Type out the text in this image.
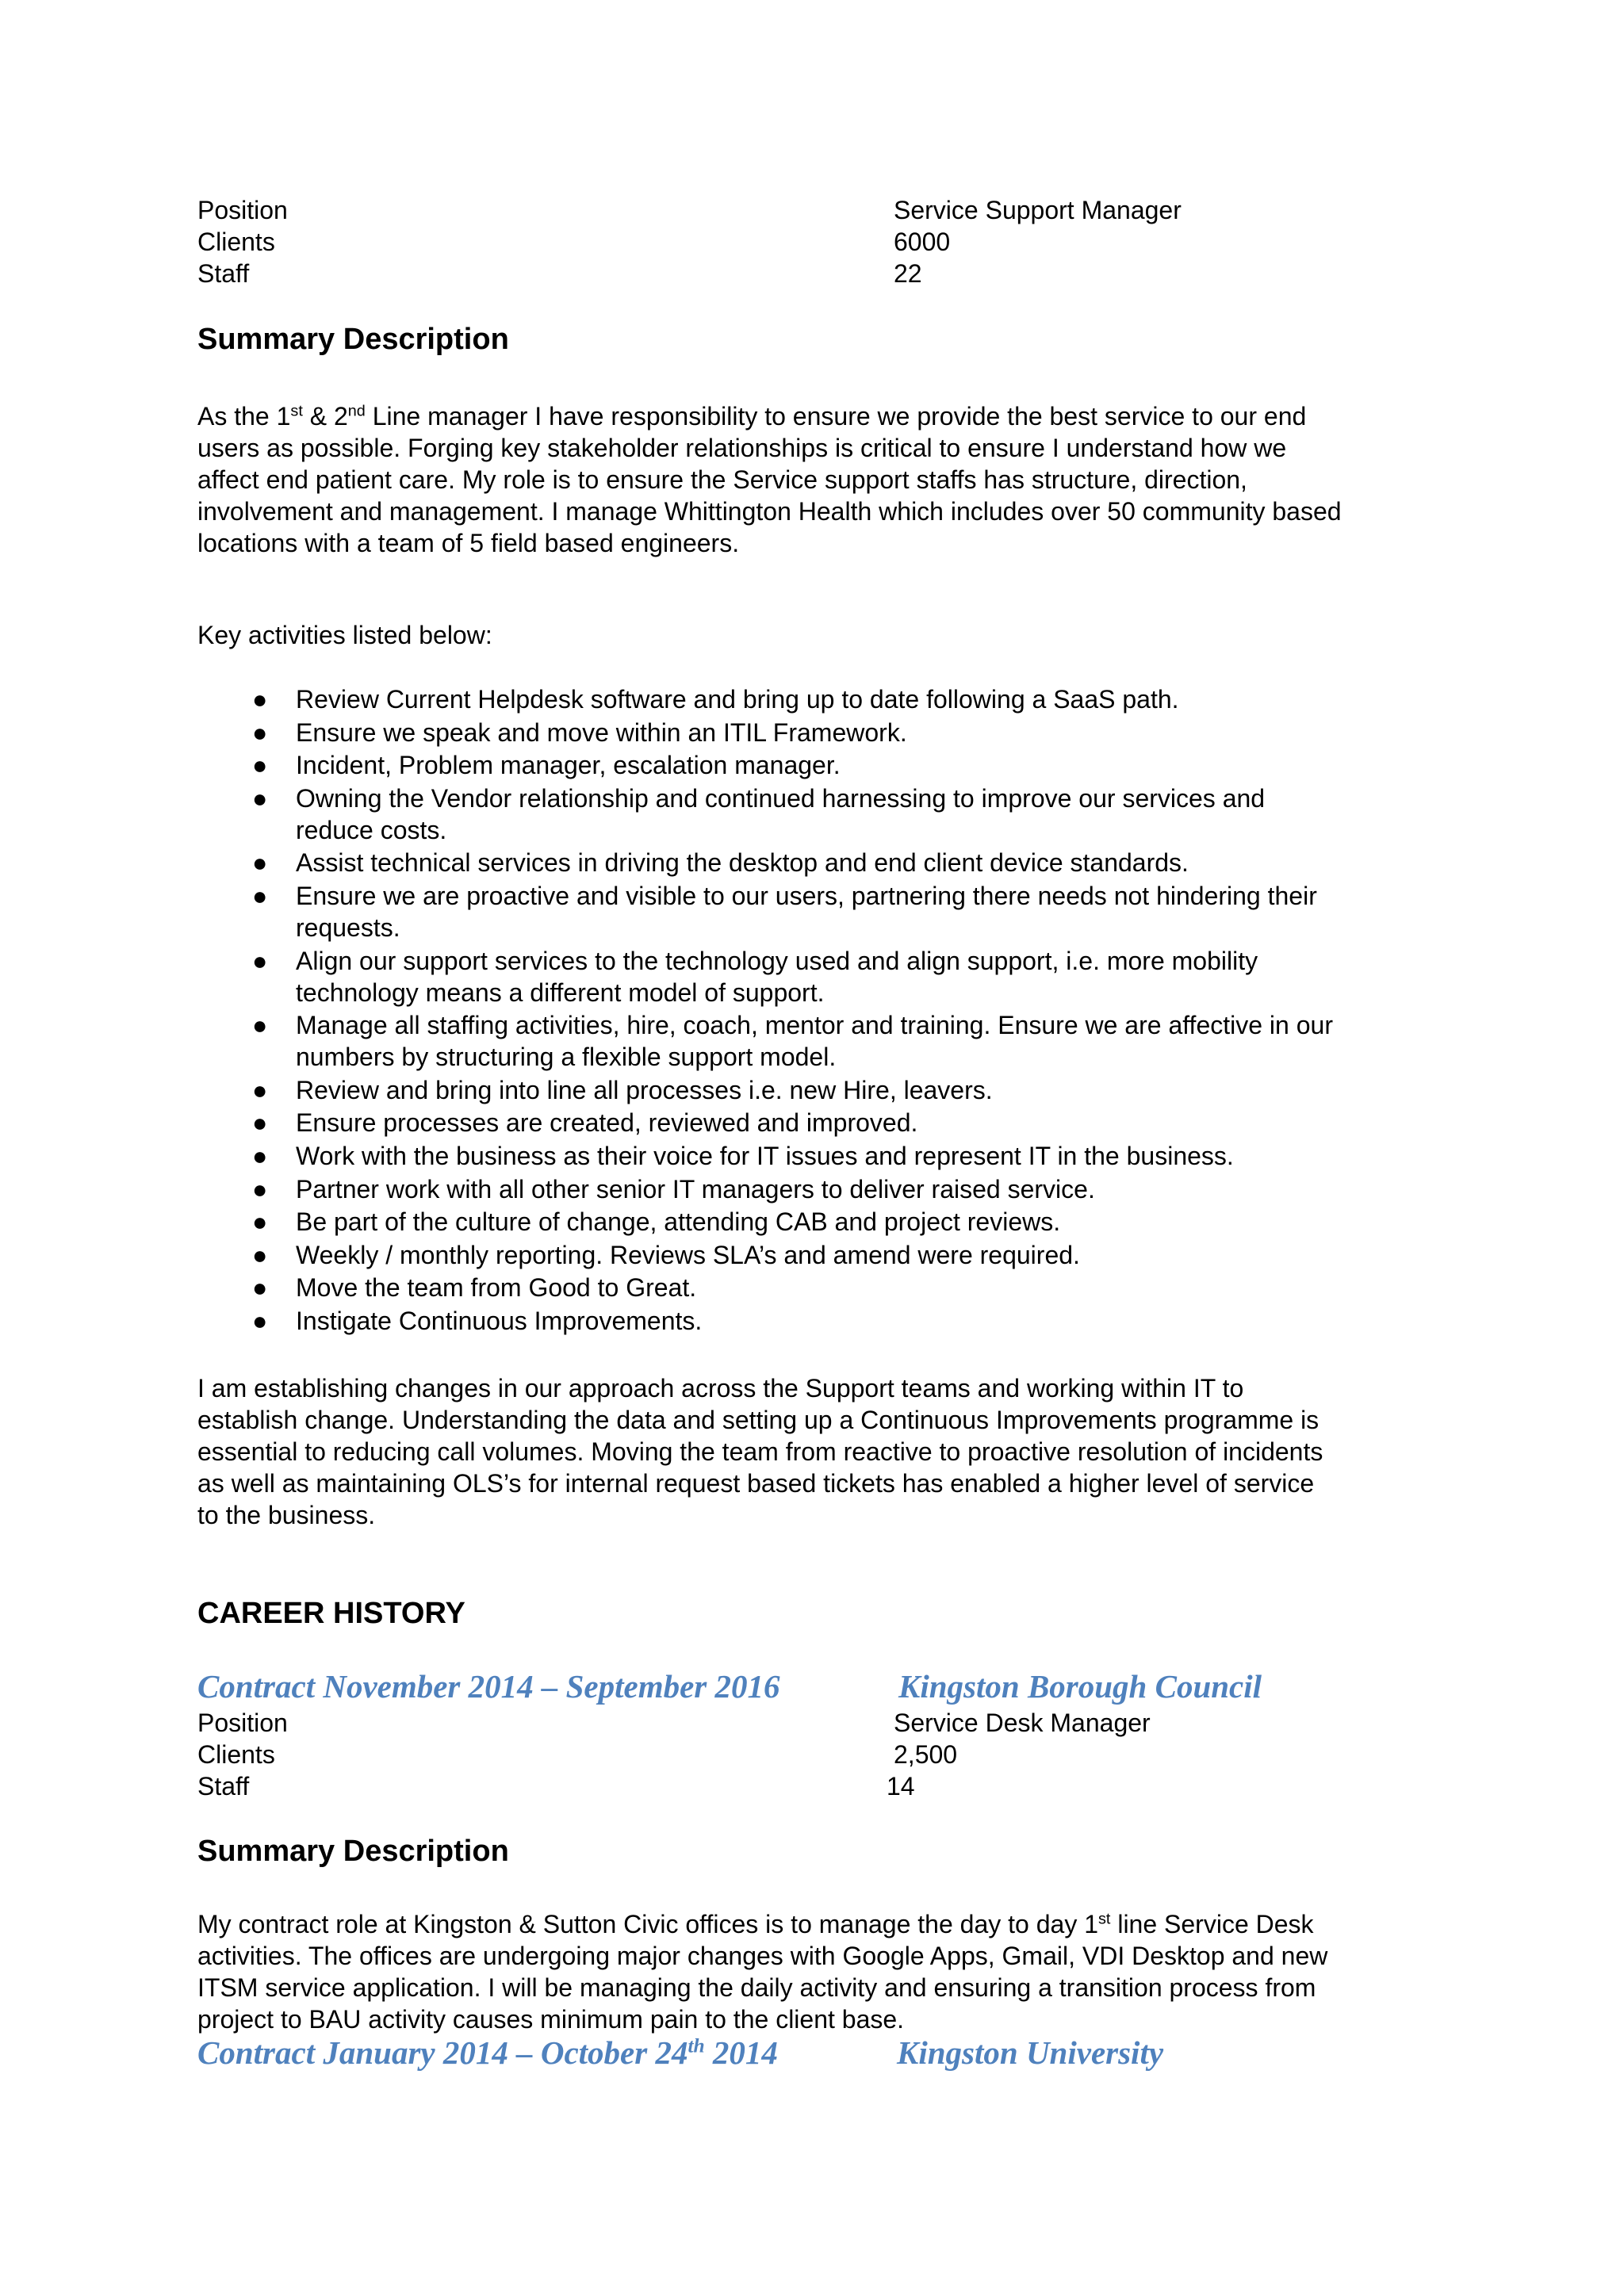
Position	Service Support Manager
Clients	6000
Staff	22
Summary Description
As the 1st & 2nd Line manager I have responsibility to ensure we provide the best service to our end
users as possible. Forging key stakeholder relationships is critical to ensure I understand how we
affect end patient care. My role is to ensure the Service support staffs has structure, direction,
involvement and management. I manage Whittington Health which includes over 50 community based
locations with a team of 5 field based engineers.
Key activities listed below:
● Review Current Helpdesk software and bring up to date following a SaaS path.
● Ensure we speak and move within an ITIL Framework.
● Incident, Problem manager, escalation manager.
● Owning the Vendor relationship and continued harnessing to improve our services and
reduce costs.
● Assist technical services in driving the desktop and end client device standards.
● Ensure we are proactive and visible to our users, partnering there needs not hindering their
requests.
● Align our support services to the technology used and align support, i.e. more mobility
technology means a different model of support.
● Manage all staffing activities, hire, coach, mentor and training. Ensure we are affective in our
numbers by structuring a flexible support model.
● Review and bring into line all processes i.e. new Hire, leavers.
● Ensure processes are created, reviewed and improved.
● Work with the business as their voice for IT issues and represent IT in the business.
● Partner work with all other senior IT managers to deliver raised service.
● Be part of the culture of change, attending CAB and project reviews.
● Weekly / monthly reporting. Reviews SLA’s and amend were required.
● Move the team from Good to Great.
● Instigate Continuous Improvements.
I am establishing changes in our approach across the Support teams and working within IT to
establish change. Understanding the data and setting up a Continuous Improvements programme is
essential to reducing call volumes. Moving the team from reactive to proactive resolution of incidents
as well as maintaining OLS’s for internal request based tickets has enabled a higher level of service
to the business.
CAREER HISTORY
Contract November 2014 – September 2016	Kingston Borough Council
Position	Service Desk Manager
Clients	2,500
Staff	14
Summary Description
My contract role at Kingston & Sutton Civic offices is to manage the day to day 1st line Service Desk
activities. The offices are undergoing major changes with Google Apps, Gmail, VDI Desktop and new
ITSM service application. I will be managing the daily activity and ensuring a transition process from
project to BAU activity causes minimum pain to the client base.
Contract January 2014 – October 24th 2014	Kingston University
